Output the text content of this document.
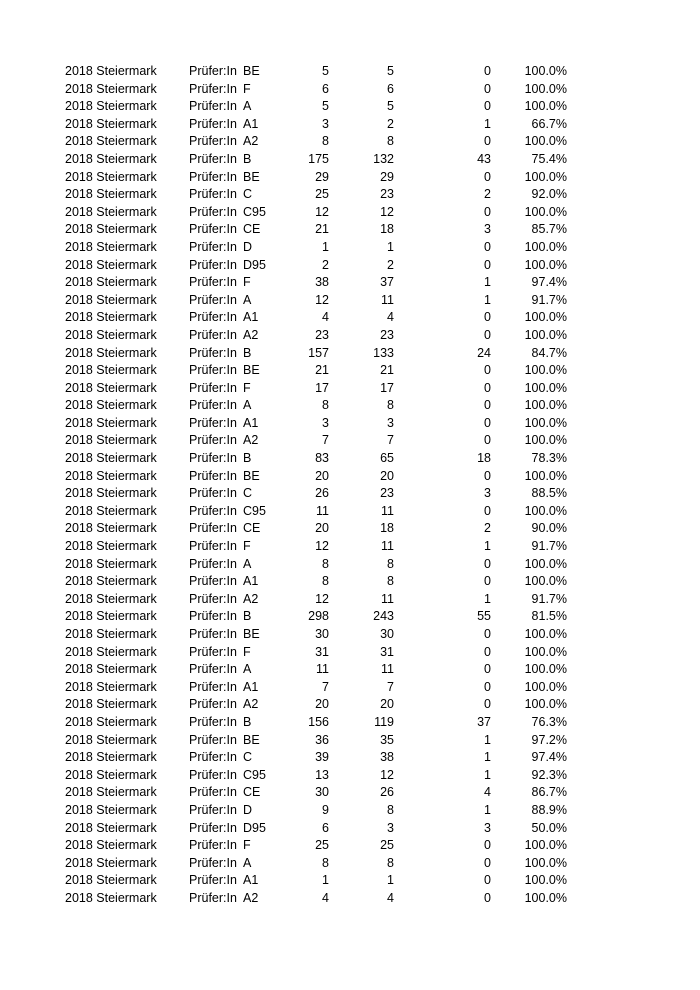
2018 Steiermark	Prüfer:In BE	5	5	0	100.0%
2018 Steiermark	Prüfer:In F	6	6	0	100.0%
2018 Steiermark	Prüfer:In A	5	5	0	100.0%
2018 Steiermark	Prüfer:In A1	3	2	1	66.7%
2018 Steiermark	Prüfer:In A2	8	8	0	100.0%
2018 Steiermark	Prüfer:In B	175	132	43	75.4%
2018 Steiermark	Prüfer:In BE	29	29	0	100.0%
2018 Steiermark	Prüfer:In C	25	23	2	92.0%
2018 Steiermark	Prüfer:In C95	12	12	0	100.0%
2018 Steiermark	Prüfer:In CE	21	18	3	85.7%
2018 Steiermark	Prüfer:In D	1	1	0	100.0%
2018 Steiermark	Prüfer:In D95	2	2	0	100.0%
2018 Steiermark	Prüfer:In F	38	37	1	97.4%
2018 Steiermark	Prüfer:In A	12	11	1	91.7%
2018 Steiermark	Prüfer:In A1	4	4	0	100.0%
2018 Steiermark	Prüfer:In A2	23	23	0	100.0%
2018 Steiermark	Prüfer:In B	157	133	24	84.7%
2018 Steiermark	Prüfer:In BE	21	21	0	100.0%
2018 Steiermark	Prüfer:In F	17	17	0	100.0%
2018 Steiermark	Prüfer:In A	8	8	0	100.0%
2018 Steiermark	Prüfer:In A1	3	3	0	100.0%
2018 Steiermark	Prüfer:In A2	7	7	0	100.0%
2018 Steiermark	Prüfer:In B	83	65	18	78.3%
2018 Steiermark	Prüfer:In BE	20	20	0	100.0%
2018 Steiermark	Prüfer:In C	26	23	3	88.5%
2018 Steiermark	Prüfer:In C95	11	11	0	100.0%
2018 Steiermark	Prüfer:In CE	20	18	2	90.0%
2018 Steiermark	Prüfer:In F	12	11	1	91.7%
2018 Steiermark	Prüfer:In A	8	8	0	100.0%
2018 Steiermark	Prüfer:In A1	8	8	0	100.0%
2018 Steiermark	Prüfer:In A2	12	11	1	91.7%
2018 Steiermark	Prüfer:In B	298	243	55	81.5%
2018 Steiermark	Prüfer:In BE	30	30	0	100.0%
2018 Steiermark	Prüfer:In F	31	31	0	100.0%
2018 Steiermark	Prüfer:In A	11	11	0	100.0%
2018 Steiermark	Prüfer:In A1	7	7	0	100.0%
2018 Steiermark	Prüfer:In A2	20	20	0	100.0%
2018 Steiermark	Prüfer:In B	156	119	37	76.3%
2018 Steiermark	Prüfer:In BE	36	35	1	97.2%
2018 Steiermark	Prüfer:In C	39	38	1	97.4%
2018 Steiermark	Prüfer:In C95	13	12	1	92.3%
2018 Steiermark	Prüfer:In CE	30	26	4	86.7%
2018 Steiermark	Prüfer:In D	9	8	1	88.9%
2018 Steiermark	Prüfer:In D95	6	3	3	50.0%
2018 Steiermark	Prüfer:In F	25	25	0	100.0%
2018 Steiermark	Prüfer:In A	8	8	0	100.0%
2018 Steiermark	Prüfer:In A1	1	1	0	100.0%
2018 Steiermark	Prüfer:In A2	4	4	0	100.0%
